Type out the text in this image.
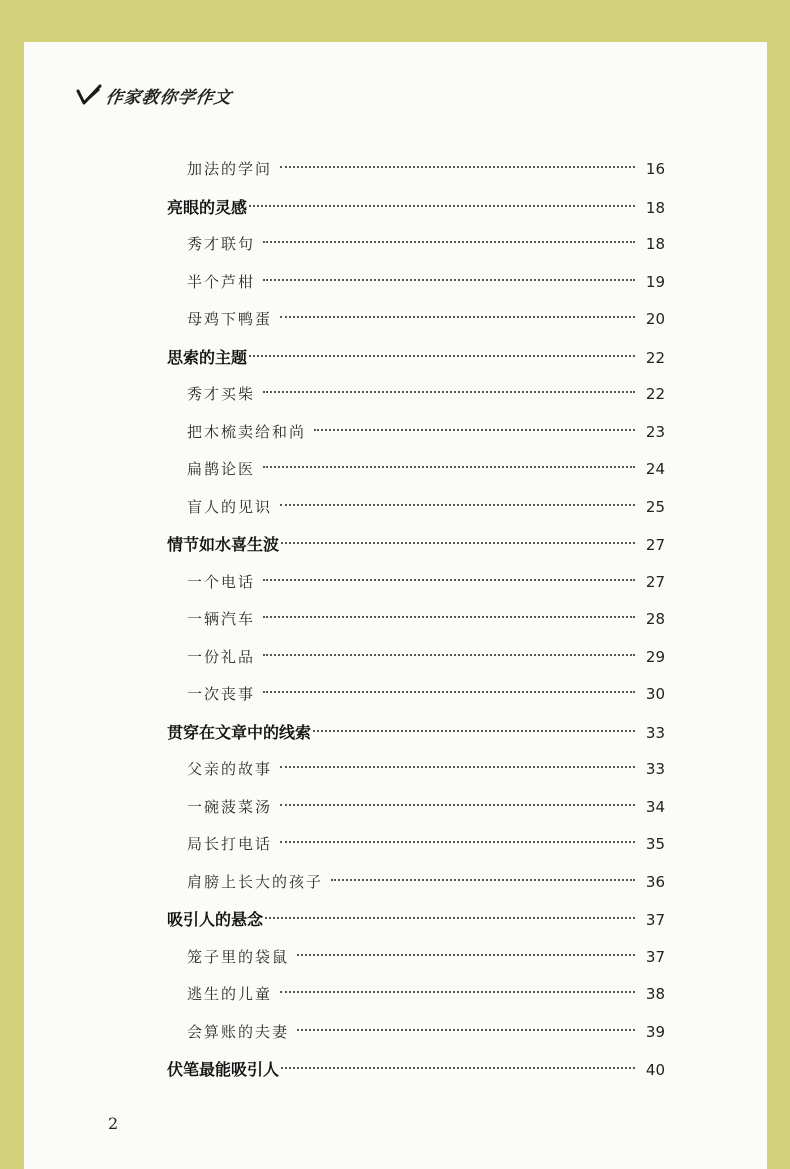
作家教你学作文
加法的学问	16
亮眼的灵感	18
秀才联句	18
半个芦柑	19
母鸡下鸭蛋	20
思索的主题	22
秀才买柴	22
把木梳卖给和尚	23
扁鹊论医	24
盲人的见识	25
情节如水喜生波	27
一个电话	27
一辆汽车	28
一份礼品	29
一次丧事	30
贯穿在文章中的线索	33
父亲的故事	33
一碗菠菜汤	34
局长打电话	35
肩膀上长大的孩子	36
吸引人的悬念	37
笼子里的袋鼠	37
逃生的儿童	38
会算账的夫妻	39
伏笔最能吸引人	40
2
